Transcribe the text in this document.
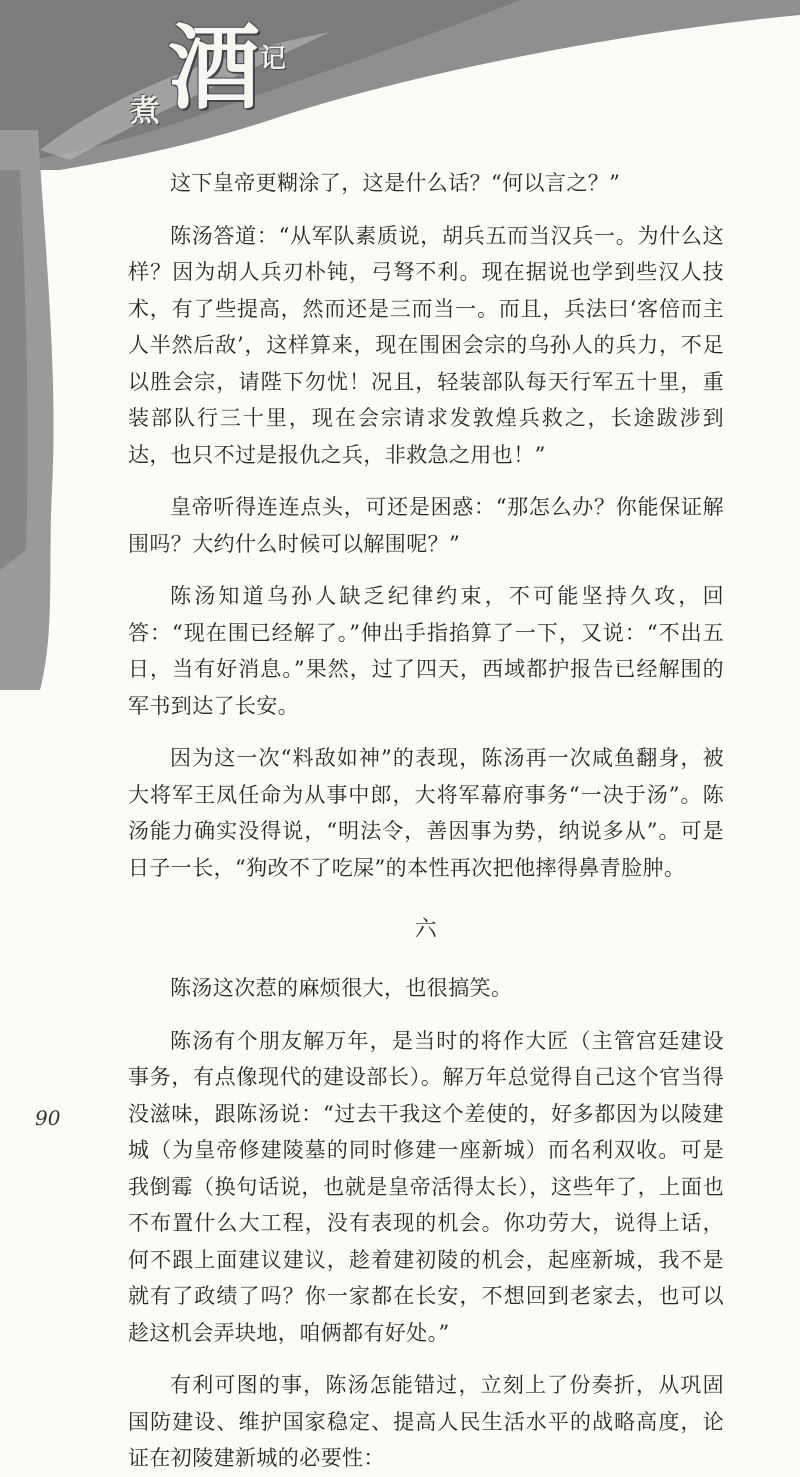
煮 酒 记

这下皇帝更糊涂了，这是什么话？“何以言之？”

陈汤答道：“从军队素质说，胡兵五而当汉兵一。为什么这样？因为胡人兵刃朴钝，弓弩不利。现在据说也学到些汉人技术，有了些提高，然而还是三而当一。而且，兵法曰‘客倍而主人半然后敌’，这样算来，现在围困会宗的乌孙人的兵力，不足以胜会宗，请陛下勿忧！况且，轻装部队每天行军五十里，重装部队行三十里，现在会宗请求发敦煌兵救之，长途跋涉到达，也只不过是报仇之兵，非救急之用也！”

皇帝听得连连点头，可还是困惑：“那怎么办？你能保证解围吗？大约什么时候可以解围呢？”

陈汤知道乌孙人缺乏纪律约束，不可能坚持久攻，回答：“现在围已经解了。”伸出手指掐算了一下，又说：“不出五日，当有好消息。”果然，过了四天，西域都护报告已经解围的军书到达了长安。

因为这一次“料敌如神”的表现，陈汤再一次咸鱼翻身，被大将军王凤任命为从事中郎，大将军幕府事务“一决于汤”。陈汤能力确实没得说，“明法令，善因事为势，纳说多从”。可是日子一长，“狗改不了吃屎”的本性再次把他摔得鼻青脸肿。

六

陈汤这次惹的麻烦很大，也很搞笑。

陈汤有个朋友解万年，是当时的将作大匠（主管宫廷建设事务，有点像现代的建设部长）。解万年总觉得自己这个官当得没滋味，跟陈汤说：“过去干我这个差使的，好多都因为以陵建城（为皇帝修建陵墓的同时修建一座新城）而名利双收。可是我倒霉（换句话说，也就是皇帝活得太长），这些年了，上面也不布置什么大工程，没有表现的机会。你功劳大，说得上话，何不跟上面建议建议，趁着建初陵的机会，起座新城，我不是就有了政绩了吗？你一家都在长安，不想回到老家去，也可以趁这机会弄块地，咱俩都有好处。”

有利可图的事，陈汤怎能错过，立刻上了份奏折，从巩固国防建设、维护国家稳定、提高人民生活水平的战略高度，论证在初陵建新城的必要性：

90
